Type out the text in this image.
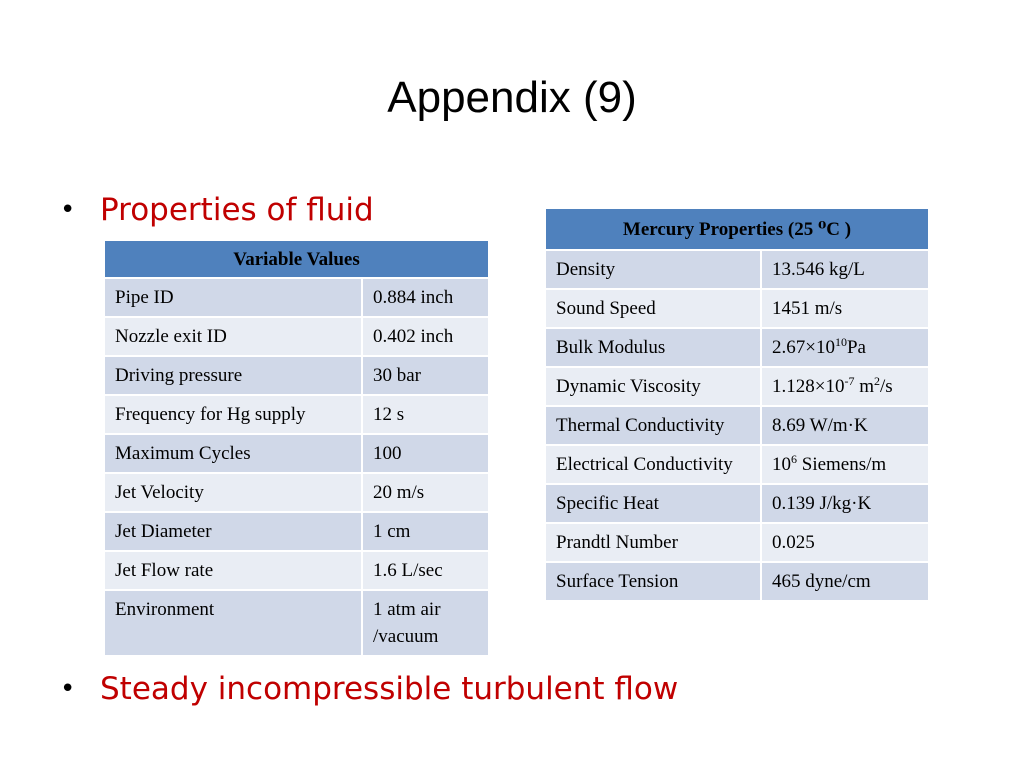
Appendix (9)
• Properties of fluid
Variable Values	
Pipe ID	0.884 inch
Nozzle exit ID	0.402 inch
Driving pressure	30 bar
Frequency for Hg supply	12 s
Maximum Cycles	100
Jet Velocity	20 m/s
Jet Diameter	1 cm
Jet Flow rate	1.6 L/sec
Environment	1 atm air /vacuum
Mercury Properties (25 ⁰C )	
Density	13.546 kg/L
Sound Speed	1451 m/s
Bulk Modulus	$2.67\times 10^{10}Pa$
Dynamic Viscosity	$1.128\times 10^{-7}$ $m^2/s$
Thermal Conductivity	8.69 W/m·K
Electrical Conductivity	$10^6$ Siemens/m
Specific Heat	0.139 J/kg·K
Prandtl Number	0.025
Surface Tension	465 dyne/cm
• Steady incompressible turbulent flow
